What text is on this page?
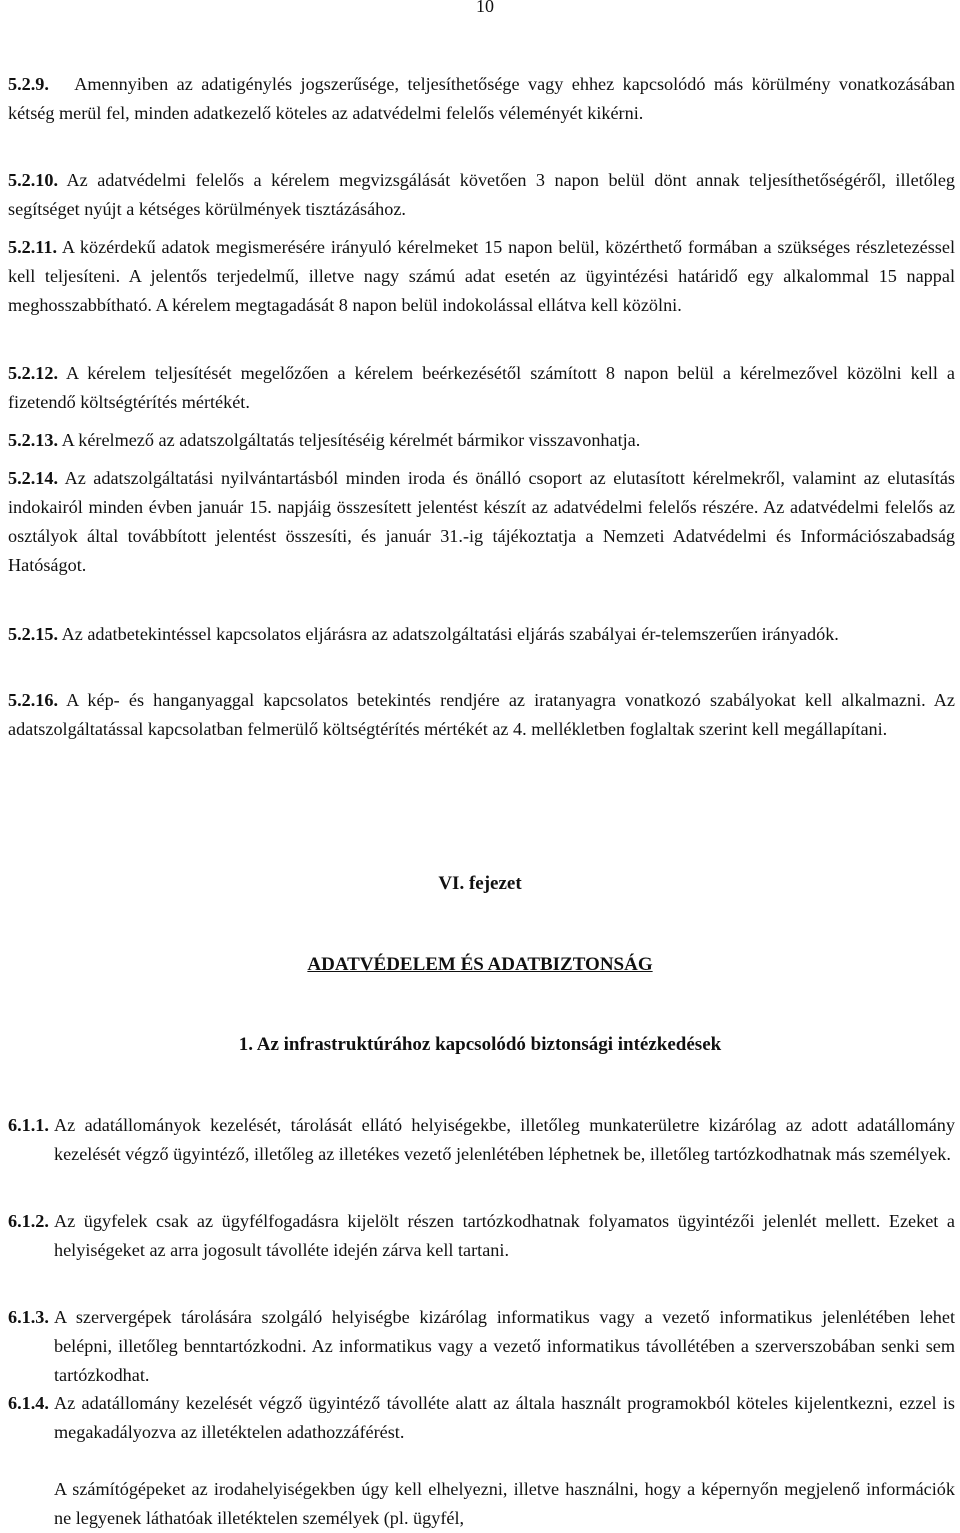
10

5.2.9. Amennyiben az adatigénylés jogszerűsége, teljesíthetősége vagy ehhez kapcsolódó más körülmény vonatkozásában kétség merül fel, minden adatkezelő köteles az adatvédelmi felelős véleményét kikérni.

5.2.10. Az adatvédelmi felelős a kérelem megvizsgálását követően 3 napon belül dönt annak teljesíthetőségéről, illetőleg segítséget nyújt a kétséges körülmények tisztázásához.

5.2.11. A közérdekű adatok megismerésére irányuló kérelmeket 15 napon belül, közérthető formában a szükséges részletezéssel kell teljesíteni. A jelentős terjedelmű, illetve nagy számú adat esetén az ügyintézési határidő egy alkalommal 15 nappal meghosszabbítható. A kérelem megtagadását 8 napon belül indokolással ellátva kell közölni.

5.2.12. A kérelem teljesítését megelőzően a kérelem beérkezésétől számított 8 napon belül a kérelmezővel közölni kell a fizetendő költségtérítés mértékét.

5.2.13. A kérelmező az adatszolgáltatás teljesítéséig kérelmét bármikor visszavonhatja.

5.2.14. Az adatszolgáltatási nyilvántartásból minden iroda és önálló csoport az elutasított kérelmekről, valamint az elutasítás indokairól minden évben január 15. napjáig összesített jelentést készít az adatvédelmi felelős részére. Az adatvédelmi felelős az osztályok által továbbított jelentést összesíti, és január 31.-ig tájékoztatja a Nemzeti Adatvédelmi és Információszabadság Hatóságot.

5.2.15. Az adatbetekintéssel kapcsolatos eljárásra az adatszolgáltatási eljárás szabályai ér-telemszerűen irányadók.

5.2.16. A kép- és hanganyaggal kapcsolatos betekintés rendjére az iratanyagra vonatkozó szabályokat kell alkalmazni. Az adatszolgáltatással kapcsolatban felmerülő költségtérítés mértékét az 4. mellékletben foglaltak szerint kell megállapítani.

VI. fejezet

ADATVÉDELEM ÉS ADATBIZTONSÁG

1. Az infrastruktúrához kapcsolódó biztonsági intézkedések

6.1.1. Az adatállományok kezelését, tárolását ellátó helyiségekbe, illetőleg munkaterületre kizárólag az adott adatállomány kezelését végző ügyintéző, illetőleg az illetékes vezető jelenlétében léphetnek be, illetőleg tartózkodhatnak más személyek.

6.1.2. Az ügyfelek csak az ügyfélfogadásra kijelölt részen tartózkodhatnak folyamatos ügyintézői jelenlét mellett. Ezeket a helyiségeket az arra jogosult távolléte idején zárva kell tartani.

6.1.3. A szervergépek tárolására szolgáló helyiségbe kizárólag informatikus vagy a vezető informatikus jelenlétében lehet belépni, illetőleg benntartózkodni. Az informatikus vagy a vezető informatikus távollétében a szerverszobában senki sem tartózkodhat.

6.1.4. Az adatállomány kezelését végző ügyintéző távolléte alatt az általa használt programokból köteles kijelentkezni, ezzel is megakadályozva az illetéktelen adathozzáférést.

A számítógépeket az irodahelyiségekben úgy kell elhelyezni, illetve használni, hogy a képernyőn megjelenő információk ne legyenek láthatóak illetéktelen személyek (pl. ügyfél,
